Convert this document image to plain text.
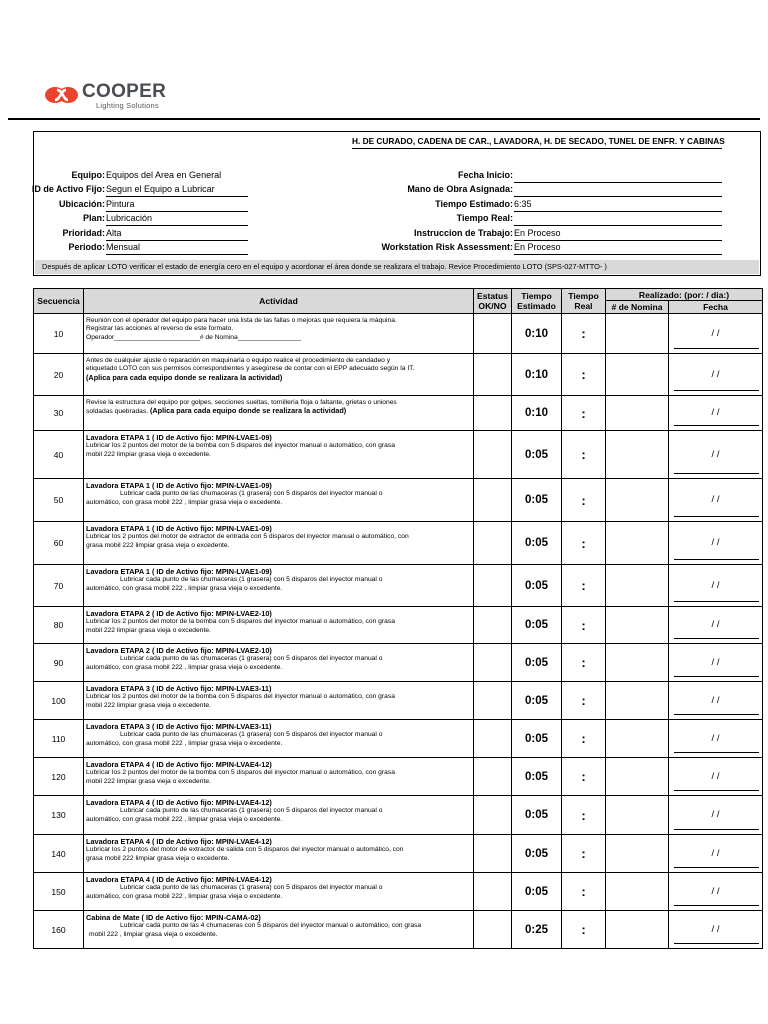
COOPER
Lighting Solutions
H. DE CURADO, CADENA DE CAR., LAVADORA, H. DE SECADO, TUNEL DE ENFR. Y CABINAS
Equipo: Equipos del Area en General
ID de Activo Fijo: Segun el Equipo a Lubricar
Ubicación: Pintura
Plan: Lubricación
Prioridad: Alta
Periodo: Mensual
Fecha Inicio:
Mano de Obra Asignada:
Tiempo Estimado: 6:35
Tiempo Real:
Instruccion de Trabajo: En Proceso
Workstation Risk Assessment: En Proceso
Después de aplicar LOTO verificar el estado de energía cero en el equipo y acordonar el área donde se realizara el trabajo. Revice Procedimiento LOTO (SPS-027-MTTO- )
Secuencia	Actividad	Estatus OK/NO	Tiempo Estimado	Tiempo Real	Realizado: (por: / dia:)	
					# de Nomina	Fecha
10	Reunión con el operador del equipo para hacer una lista de las fallas o mejoras que requiera la máquina.
Registrar las acciones al reverso de este formato.
Operador_______________________# de Nomina_________________		0:10	:		/ /

20	Antes de cualquier ajuste o reparación en maquinaria o equipo realice el procedimiento de candadeo y
etiquetado LOTO con sus permisos correspondientes y asegúrese de contar con el EPP adecuado según la IT.
(Aplica para cada equipo donde se realizara la actividad)		0:10	:		/ /

30	Revise la estructura del equipo por golpes, secciones sueltas, tornillería floja o faltante, grietas o uniones
soldadas quebradas. (Aplica para cada equipo donde se realizara la actividad)		0:10	:		/ /

40	Lavadora ETAPA 1 ( ID de Activo fijo: MPIN-LVAE1-09)
Lubricar los 2 puntos del motor de la bomba con 5 disparos del inyector manual o automático, con grasa
mobil 222 limpiar grasa vieja o excedente.		0:05	:		/ /

50	Lavadora ETAPA 1 ( ID de Activo fijo: MPIN-LVAE1-09)
Lubricar cada punto de las chumaceras (1 grasera) con 5 disparos del inyector manual o
automático, con grasa mobil 222 , limpiar grasa vieja o excedente.		0:05	:		/ /

60	Lavadora ETAPA 1 ( ID de Activo fijo: MPIN-LVAE1-09)
Lubricar los 2 puntos del motor de extractor de entrada con 5 disparos del inyector manual o automático, con
grasa mobil 222 limpiar grasa vieja o excedente.		0:05	:		/ /

70	Lavadora ETAPA 1 ( ID de Activo fijo: MPIN-LVAE1-09)
Lubricar cada punto de las chumaceras (1 grasera) con 5 disparos del inyector manual o
automático, con grasa mobil 222 , limpiar grasa vieja o excedente.		0:05	:		/ /

80	Lavadora ETAPA 2 ( ID de Activo fijo: MPIN-LVAE2-10)
Lubricar los 2 puntos del motor de la bomba con 5 disparos del inyector manual o automático, con grasa
mobil 222 limpiar grasa vieja o excedente.		0:05	:		/ /

90	Lavadora ETAPA 2 ( ID de Activo fijo: MPIN-LVAE2-10)
Lubricar cada punto de las chumaceras (1 grasera) con 5 disparos del inyector manual o
automático, con grasa mobil 222 , limpiar grasa vieja o excedente.		0:05	:		/ /

100	Lavadora ETAPA 3 ( ID de Activo fijo: MPIN-LVAE3-11)
Lubricar los 2 puntos del motor de la bomba con 5 disparos del inyector manual o automático, con grasa
mobil 222 limpiar grasa vieja o excedente.		0:05	:		/ /

110	Lavadora ETAPA 3 ( ID de Activo fijo: MPIN-LVAE3-11)
Lubricar cada punto de las chumaceras (1 grasera) con 5 disparos del inyector manual o
automático, con grasa mobil 222 , limpiar grasa vieja o excedente.		0:05	:		/ /

120	Lavadora ETAPA 4 ( ID de Activo fijo: MPIN-LVAE4-12)
Lubricar los 2 puntos del motor de la bomba con 5 disparos del inyector manual o automático, con grasa
mobil 222 limpiar grasa vieja o excedente.		0:05	:		/ /

130	Lavadora ETAPA 4 ( ID de Activo fijo: MPIN-LVAE4-12)
Lubricar cada punto de las chumaceras (1 grasera) con 5 disparos del inyector manual o
automático, con grasa mobil 222 , limpiar grasa vieja o excedente.		0:05	:		/ /

140	Lavadora ETAPA 4 ( ID de Activo fijo: MPIN-LVAE4-12)
Lubricar los 2 puntos del motor de extractor de salida con 5 disparos del inyector manual o automático, con
grasa mobil 222 limpiar grasa vieja o excedente.		0:05	:		/ /

150	Lavadora ETAPA 4 ( ID de Activo fijo: MPIN-LVAE4-12)
Lubricar cada punto de las chumaceras (1 grasera) con 5 disparos del inyector manual o
automático, con grasa mobil 222 , limpiar grasa vieja o excedente.		0:05	:		/ /

160	Cabina de Mate ( ID de Activo fijo: MPIN-CAMA-02)
Lubricar cada punto de las 4 chumaceras con 5 disparos del inyector manual o automático, con grasa
mobil 222 , limpiar grasa vieja o excedente.		0:25	:		/ /
